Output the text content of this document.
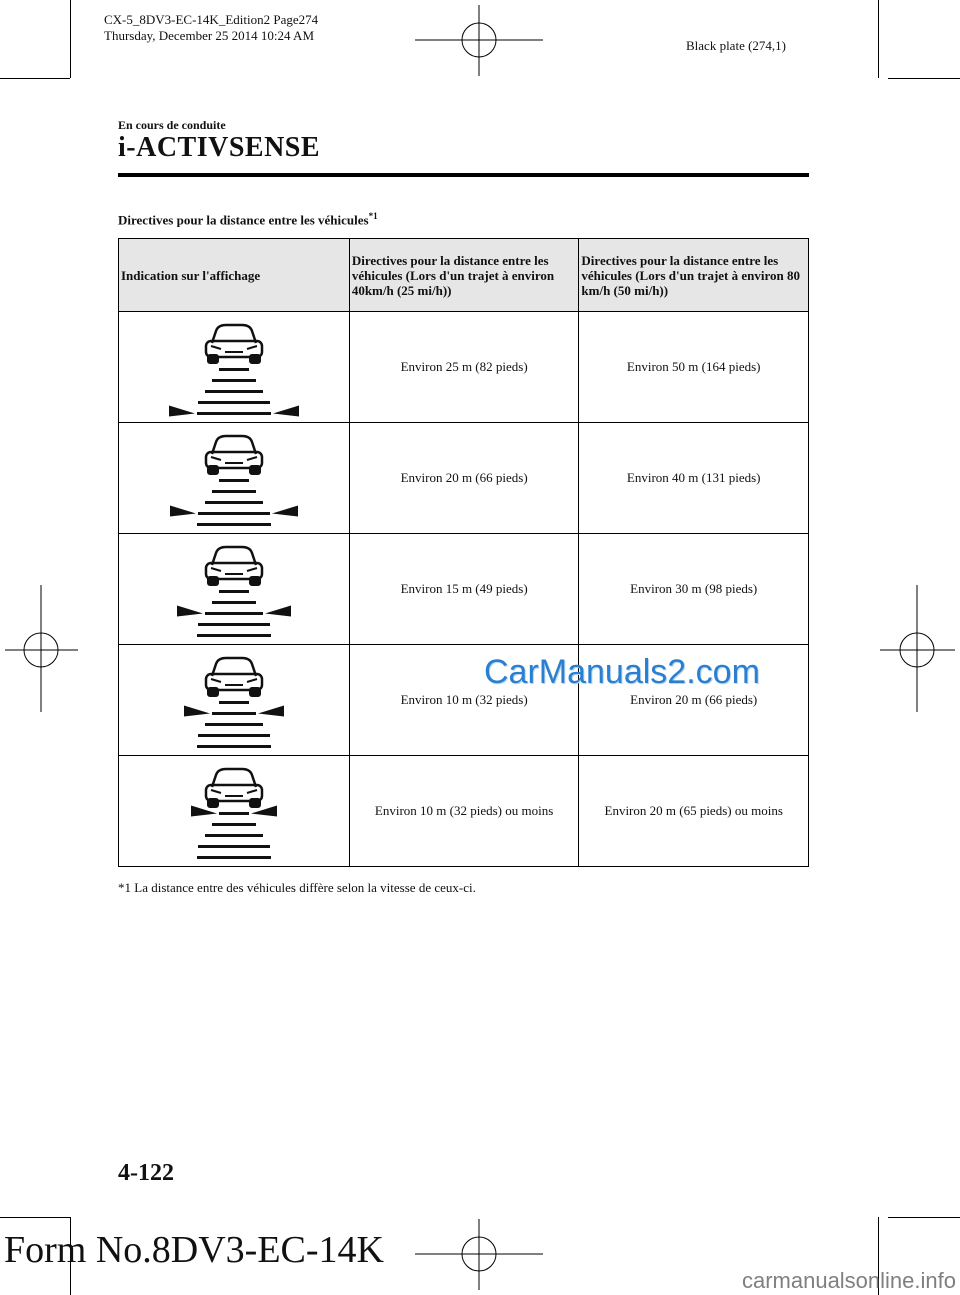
CX-5_8DV3-EC-14K_Edition2 Page274
Thursday, December 25 2014 10:24 AM
Black plate (274,1)
En cours de conduite
i-ACTIVSENSE
Directives pour la distance entre les véhicules$^{*1}$
Indication sur l'affichage	Directives pour la distance entre les véhicules (Lors d'un trajet à environ 40km/h (25 mi/h))	Directives pour la distance entre les véhicules (Lors d'un trajet à environ 80 km/h (50 mi/h))

	Environ 25 m (82 pieds)	Environ 50 m (164 pieds)

	Environ 20 m (66 pieds)	Environ 40 m (131 pieds)

	Environ 15 m (49 pieds)	Environ 30 m (98 pieds)

	Environ 10 m (32 pieds)	Environ 20 m (66 pieds)

	Environ 10 m (32 pieds) ou moins	Environ 20 m (65 pieds) ou moins
*1 La distance entre des véhicules diffère selon la vitesse de ceux-ci.
CarManuals2.com
4-122
Form No.8DV3-EC-14K
carmanualsonline.info
